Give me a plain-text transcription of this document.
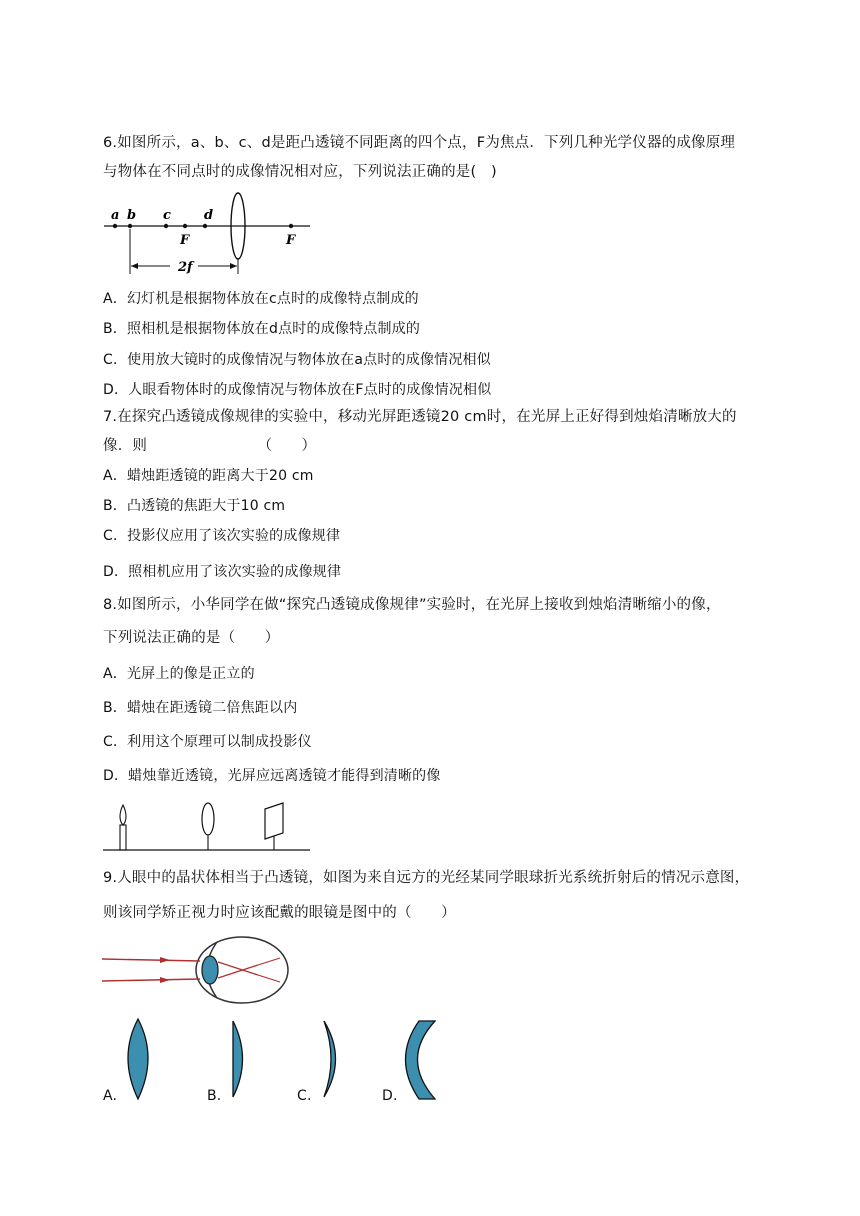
6.如图所示，a、b、c、d是距凸透镜不同距离的四个点，F为焦点．下列几种光学仪器的成像原理
与物体在不同点时的成像情况相对应，下列说法正确的是(　)
a b c	d
F	F
2f
A．幻灯机是根据物体放在c点时的成像特点制成的
B．照相机是根据物体放在d点时的成像特点制成的
C．使用放大镜时的成像情况与物体放在a点时的成像情况相似
D．人眼看物体时的成像情况与物体放在F点时的成像情况相似
7.在探究凸透镜成像规律的实验中，移动光屏距透镜20 cm时，在光屏上正好得到烛焰清晰放大的
像．则　　　　　　　　（　　）
A．蜡烛距透镜的距离大于20 cm
B．凸透镜的焦距大于10 cm
C．投影仪应用了该次实验的成像规律
D．照相机应用了该次实验的成像规律
8.如图所示，小华同学在做“探究凸透镜成像规律”实验时，在光屏上接收到烛焰清晰缩小的像，
下列说法正确的是（　　）
A．光屏上的像是正立的
B．蜡烛在距透镜二倍焦距以内
C．利用这个原理可以制成投影仪
D．蜡烛靠近透镜，光屏应远离透镜才能得到清晰的像
9.人眼中的晶状体相当于凸透镜，如图为来自远方的光经某同学眼球折光系统折射后的情况示意图，
则该同学矫正视力时应该配戴的眼镜是图中的（　　）
A.	B.	C.	D.
